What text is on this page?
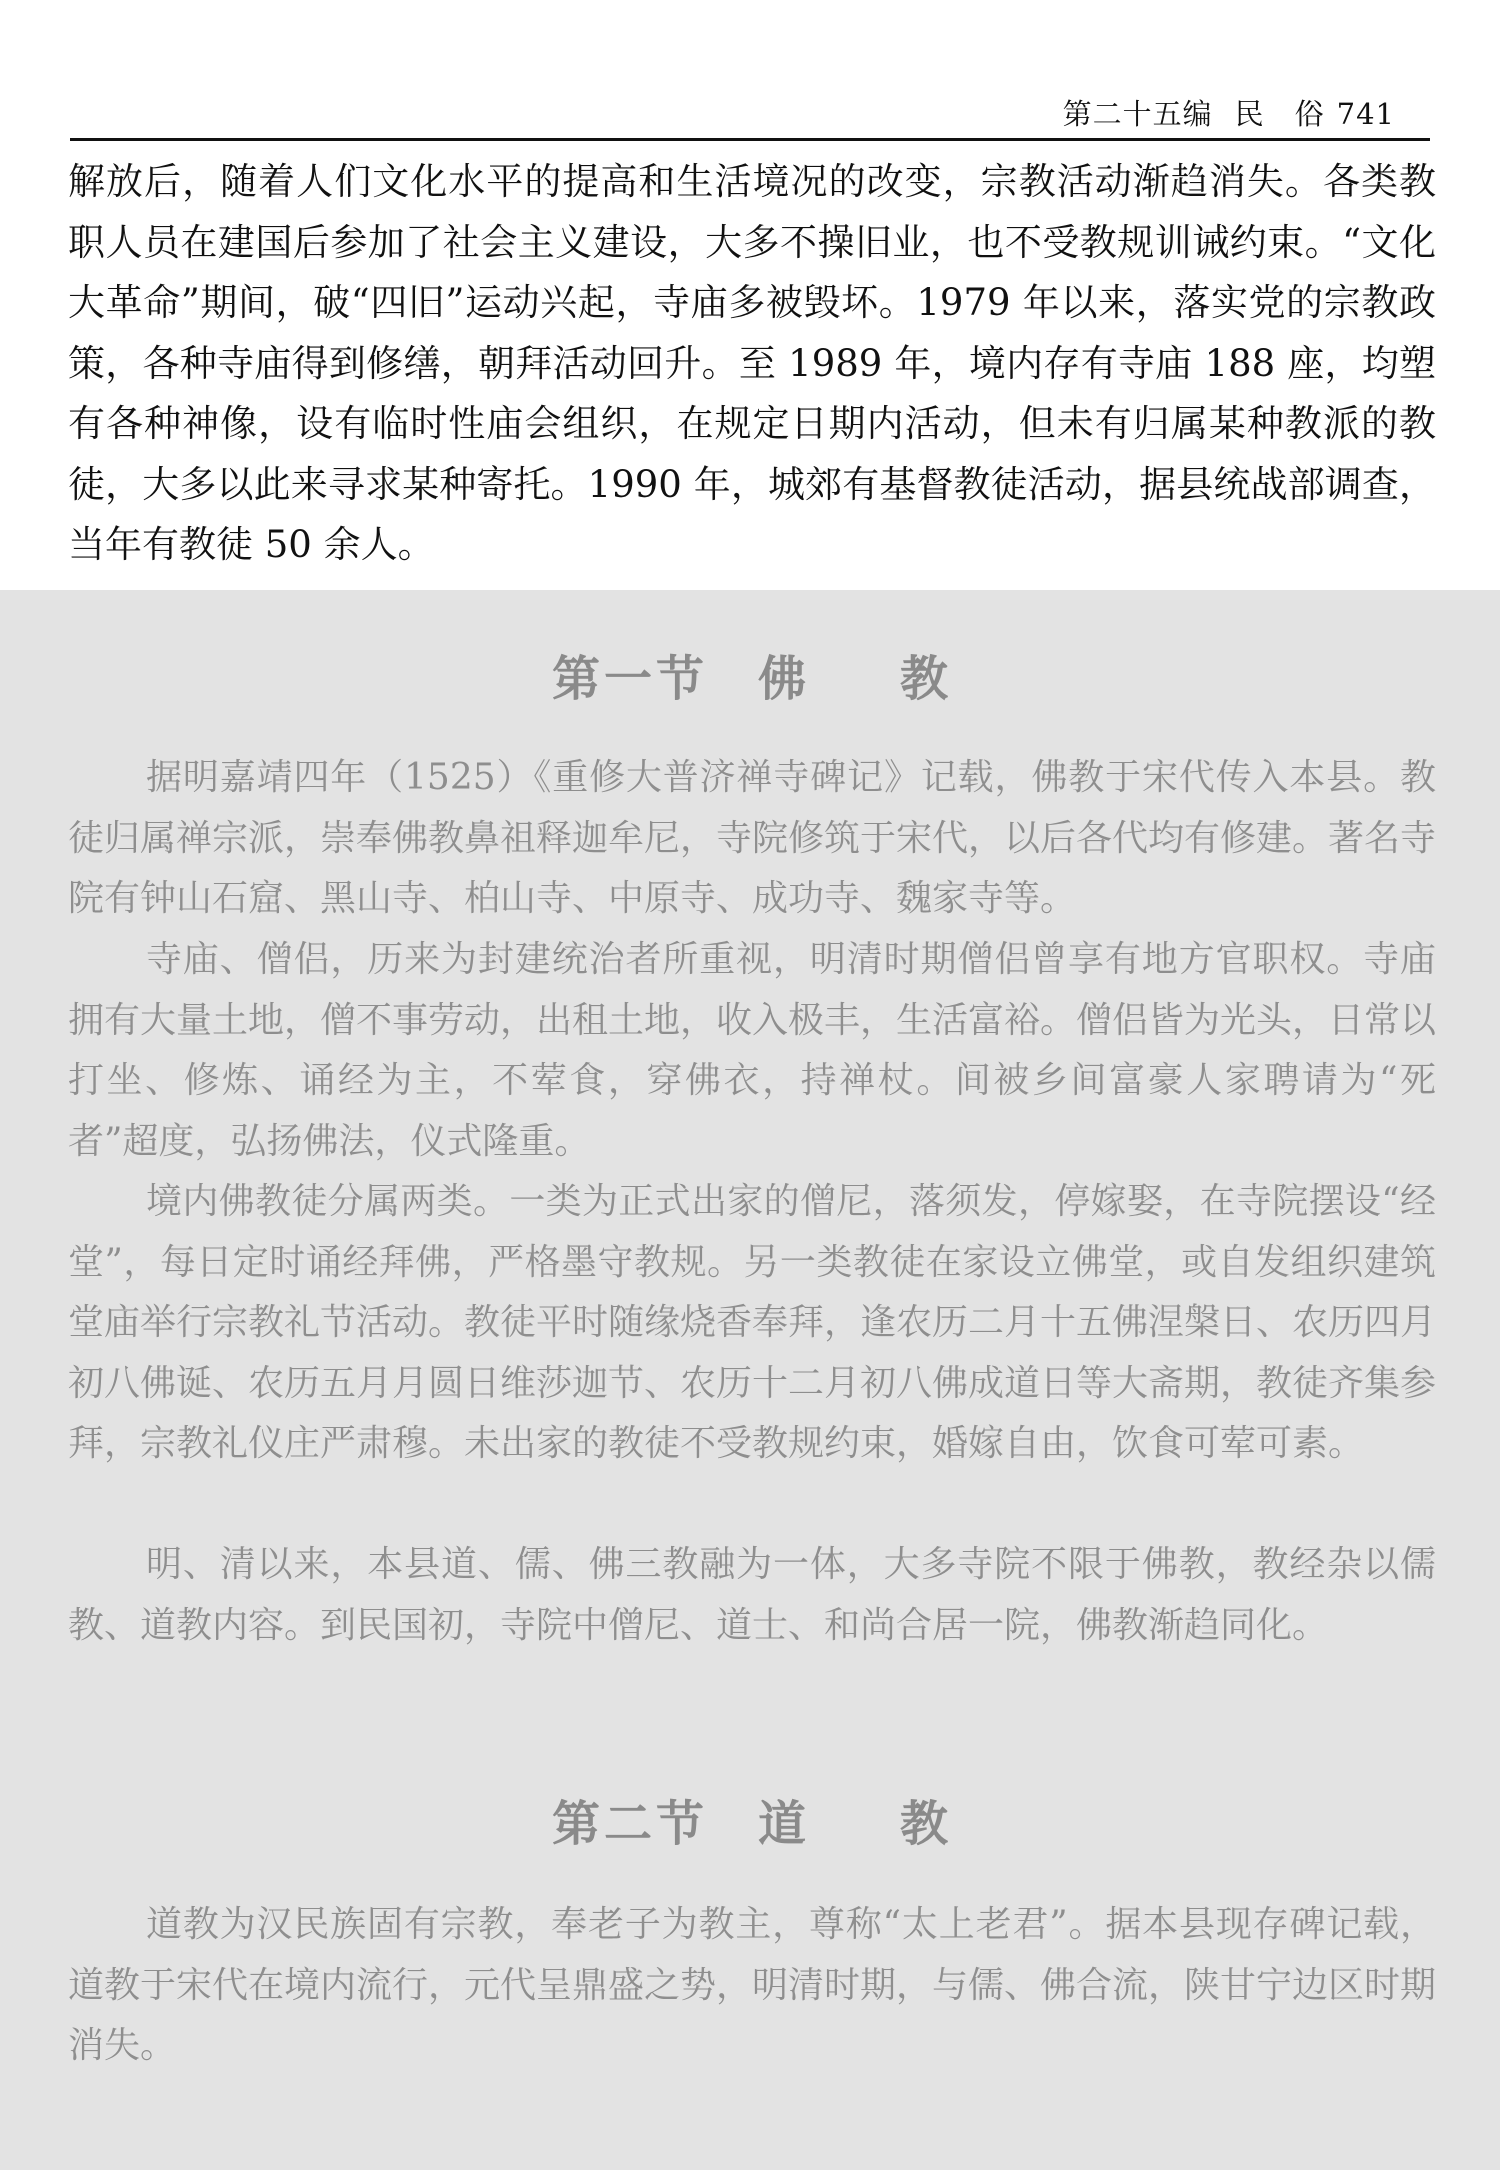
第二十五编 民　俗 741
解放后，随着人们文化水平的提高和生活境况的改变，宗教活动渐趋消失。各类教职人员在建国后参加了社会主义建设，大多不操旧业，也不受教规训诫约束。“文化大革命”期间，破“四旧”运动兴起，寺庙多被毁坏。1979 年以来，落实党的宗教政策，各种寺庙得到修缮，朝拜活动回升。至 1989 年，境内存有寺庙 188 座，均塑有各种神像，设有临时性庙会组织，在规定日期内活动，但未有归属某种教派的教徒，大多以此来寻求某种寄托。1990 年，城郊有基督教徒活动，据县统战部调查，当年有教徒 50 余人。
第一节 佛 教

据明嘉靖四年（1525）《重修大普济禅寺碑记》记载，佛教于宋代传入本县。教徒归属禅宗派，崇奉佛教鼻祖释迦牟尼，寺院修筑于宋代，以后各代均有修建。著名寺院有钟山石窟、黑山寺、柏山寺、中原寺、成功寺、魏家寺等。

寺庙、僧侣，历来为封建统治者所重视，明清时期僧侣曾享有地方官职权。寺庙拥有大量土地，僧不事劳动，出租土地，收入极丰，生活富裕。僧侣皆为光头，日常以打坐、修炼、诵经为主，不荤食，穿佛衣，持禅杖。间被乡间富豪人家聘请为“死者”超度，弘扬佛法，仪式隆重。

境内佛教徒分属两类。一类为正式出家的僧尼，落须发，停嫁娶，在寺院摆设“经堂”，每日定时诵经拜佛，严格墨守教规。另一类教徒在家设立佛堂，或自发组织建筑堂庙举行宗教礼节活动。教徒平时随缘烧香奉拜，逢农历二月十五佛涅槃日、农历四月初八佛诞、农历五月月圆日维莎迦节、农历十二月初八佛成道日等大斋期，教徒齐集参拜，宗教礼仪庄严肃穆。未出家的教徒不受教规约束，婚嫁自由，饮食可荤可素。

明、清以来，本县道、儒、佛三教融为一体，大多寺院不限于佛教，教经杂以儒教、道教内容。到民国初，寺院中僧尼、道士、和尚合居一院，佛教渐趋同化。

第二节 道 教

道教为汉民族固有宗教，奉老子为教主，尊称“太上老君”。据本县现存碑记载，道教于宋代在境内流行，元代呈鼎盛之势，明清时期，与儒、佛合流，陕甘宁边区时期消失。
